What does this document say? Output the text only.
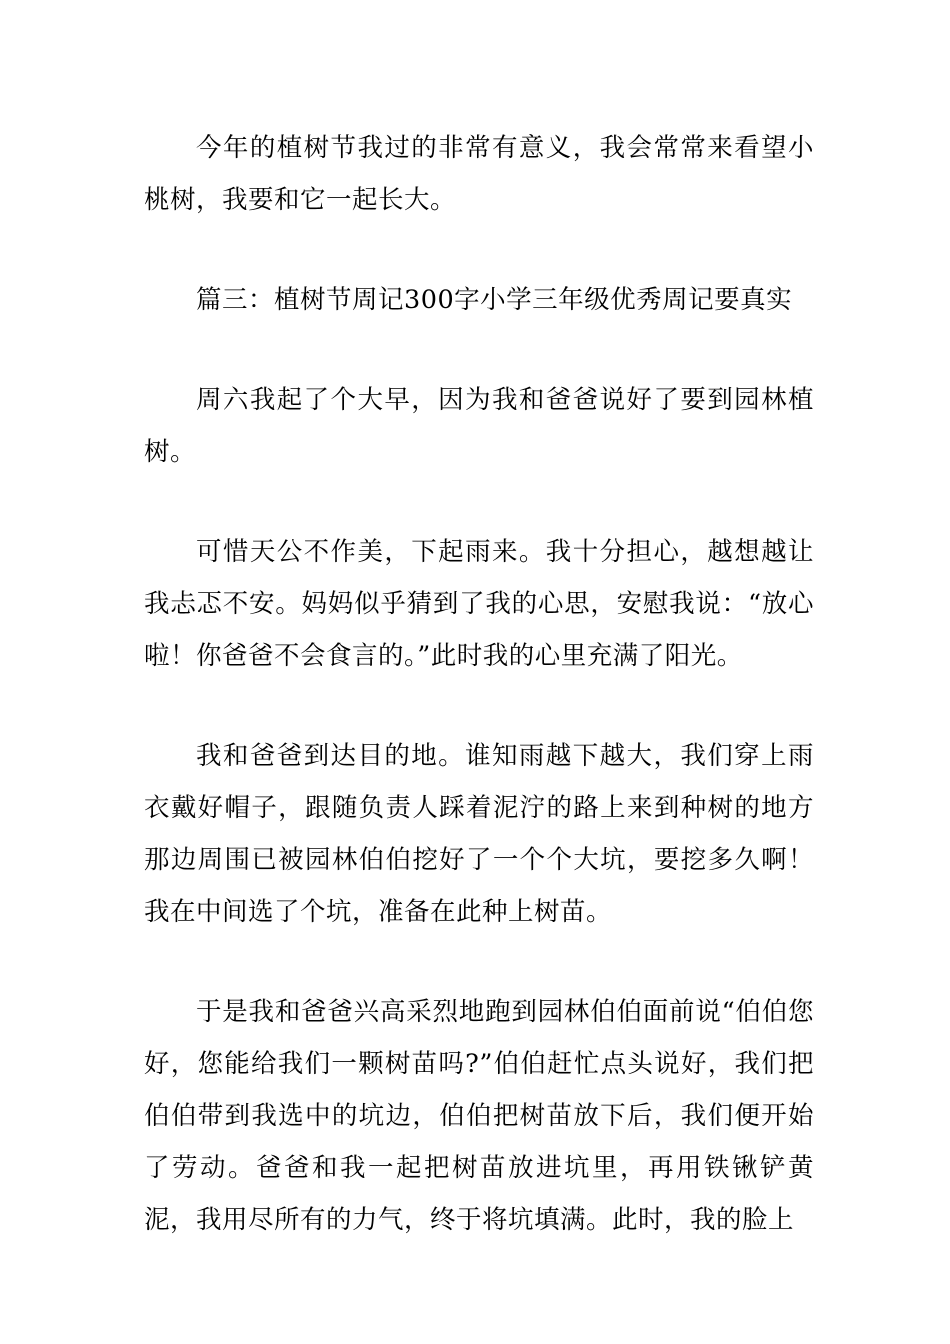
今年的植树节我过的非常有意义，我会常常来看望小桃树，我要和它一起长大。

篇三：植树节周记300字小学三年级优秀周记要真实

周六我起了个大早，因为我和爸爸说好了要到园林植树。

可惜天公不作美，下起雨来。我十分担心，越想越让我忐忑不安。妈妈似乎猜到了我的心思，安慰我说：“放心啦！你爸爸不会食言的。”此时我的心里充满了阳光。

我和爸爸到达目的地。谁知雨越下越大，我们穿上雨衣戴好帽子，跟随负责人踩着泥泞的路上来到种树的地方那边周围已被园林伯伯挖好了一个个大坑，要挖多久啊！我在中间选了个坑，准备在此种上树苗。

于是我和爸爸兴高采烈地跑到园林伯伯面前说“伯伯您好，您能给我们一颗树苗吗?”伯伯赶忙点头说好，我们把伯伯带到我选中的坑边，伯伯把树苗放下后，我们便开始了劳动。爸爸和我一起把树苗放进坑里，再用铁锹铲黄泥，我用尽所有的力气，终于将坑填满。此时，我的脸上
